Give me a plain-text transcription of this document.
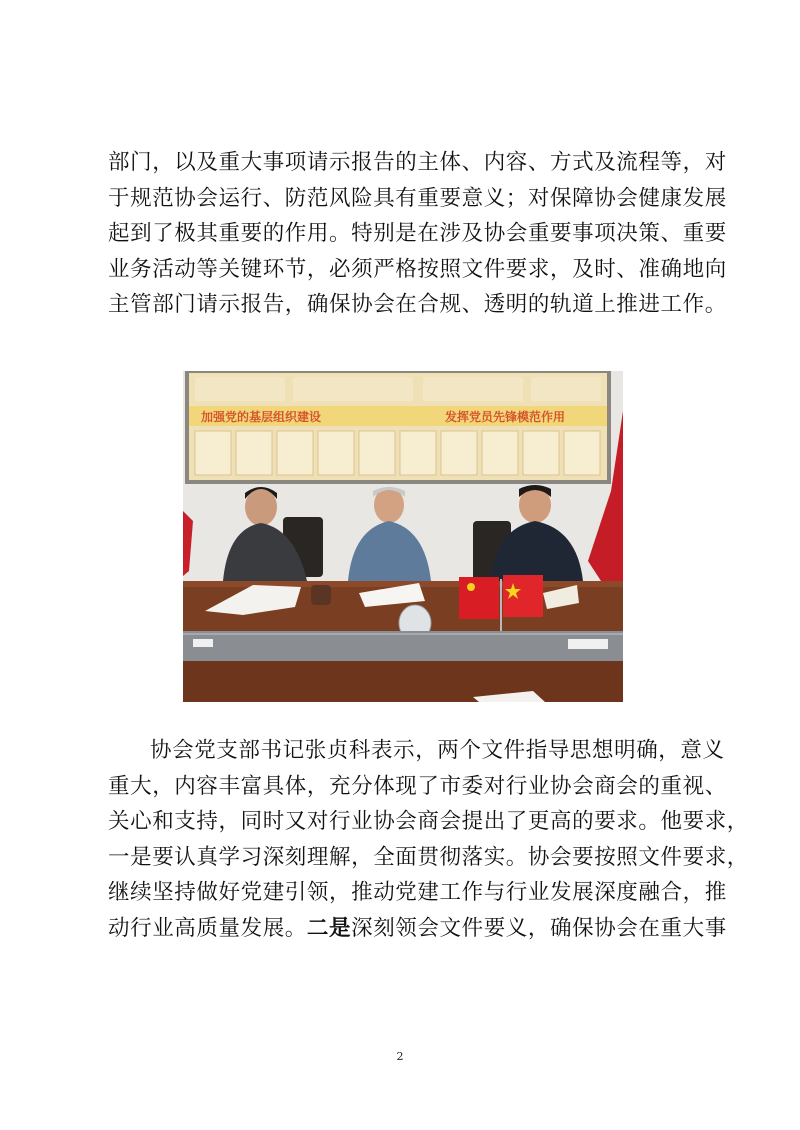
部门，以及重大事项请示报告的主体、内容、方式及流程等，对
于规范协会运行、防范风险具有重要意义；对保障协会健康发展
起到了极其重要的作用。特别是在涉及协会重要事项决策、重要
业务活动等关键环节，必须严格按照文件要求，及时、准确地向
主管部门请示报告，确保协会在合规、透明的轨道上推进工作。
加强党的基层组织建设	发挥党员先锋模范作用
协会党支部书记张贞科表示，两个文件指导思想明确，意义
重大，内容丰富具体，充分体现了市委对行业协会商会的重视、
关心和支持，同时又对行业协会商会提出了更高的要求。他要求，
一是要认真学习深刻理解，全面贯彻落实。协会要按照文件要求，
继续坚持做好党建引领，推动党建工作与行业发展深度融合，推
动行业高质量发展。二是深刻领会文件要义，确保协会在重大事
2
